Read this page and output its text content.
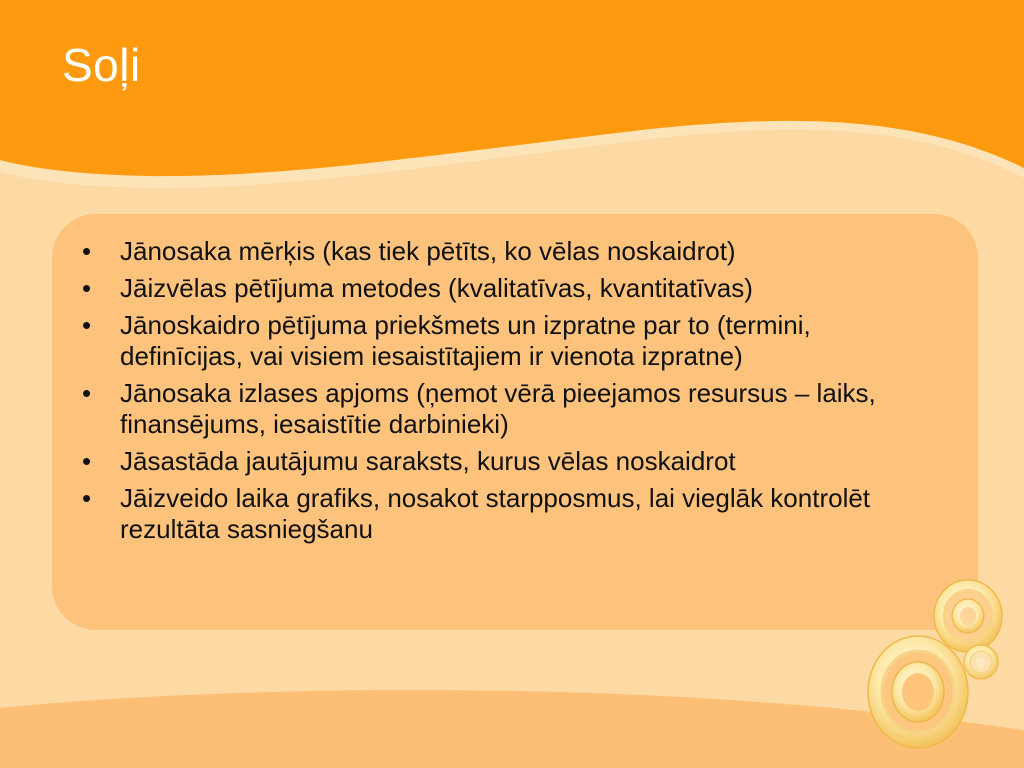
Soļi
• Jānosaka mērķis (kas tiek pētīts, ko vēlas noskaidrot)
• Jāizvēlas pētījuma metodes (kvalitatīvas, kvantitatīvas)
• Jānoskaidro pētījuma priekšmets un izpratne par to (termini, definīcijas, vai visiem iesaistītajiem ir vienota izpratne)
• Jānosaka izlases apjoms (ņemot vērā pieejamos resursus – laiks, finansējums, iesaistītie darbinieki)
• Jāsastāda jautājumu saraksts, kurus vēlas noskaidrot
• Jāizveido laika grafiks, nosakot starpposmus, lai vieglāk kontrolēt rezultāta sasniegšanu
